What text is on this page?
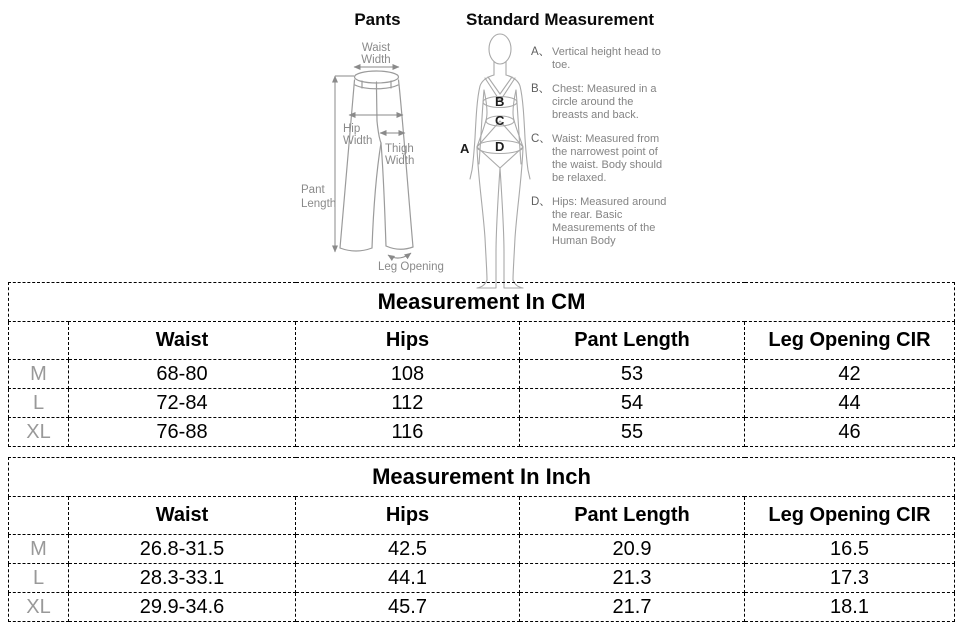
Pants	Standard Measurement
Waist
Width
Hip
Width
Thigh
Width
Pant
Length
Leg Opening
A
B
C
D
A、 Vertical height head to toe.
B、 Chest: Measured in a circle around the breasts and back.
C、 Waist: Measured from the narrowest point of the waist. Body should be relaxed.
D、 Hips: Measured around the rear. Basic Measurements of the Human Body
Measurement In CM				
	Waist	Hips	Pant Length	Leg Opening CIR
M	68-80	108	53	42
L	72-84	112	54	44
XL	76-88	116	55	46
Measurement In Inch				
	Waist	Hips	Pant Length	Leg Opening CIR
M	26.8-31.5	42.5	20.9	16.5
L	28.3-33.1	44.1	21.3	17.3
XL	29.9-34.6	45.7	21.7	18.1
